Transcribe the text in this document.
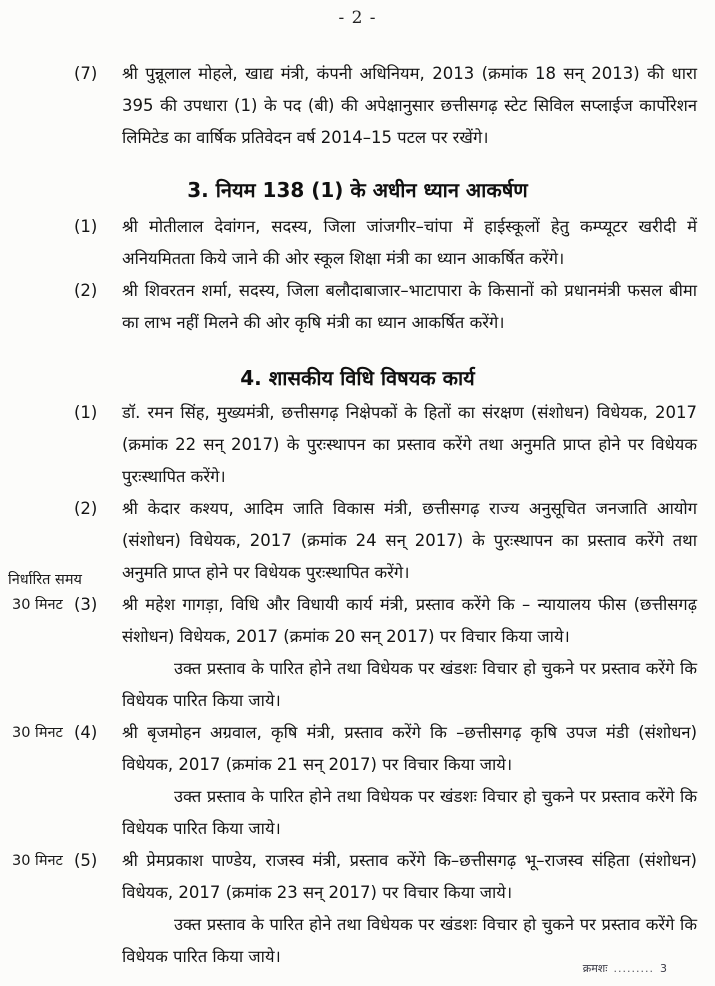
- 2 -
(7)	श्री पुन्नूलाल मोहले, खाद्य मंत्री, कंपनी अधिनियम, 2013 (क्रमांक 18 सन् 2013) की धारा 395 की उपधारा (1) के पद (बी) की अपेक्षानुसार छत्तीसगढ़ स्टेट सिविल सप्लाईज कार्पोरेशन लिमिटेड का वार्षिक प्रतिवेदन वर्ष 2014–15 पटल पर रखेंगे।

3. नियम 138 (1) के अधीन ध्यान आकर्षण
(1)	श्री मोतीलाल देवांगन, सदस्य, जिला जांजगीर–चांपा में हाईस्कूलों हेतु कम्प्यूटर खरीदी में अनियमितता किये जाने की ओर स्कूल शिक्षा मंत्री का ध्यान आकर्षित करेंगे।

(2)	श्री शिवरतन शर्मा, सदस्य, जिला बलौदाबाजार–भाटापारा के किसानों को प्रधानमंत्री फसल बीमा का लाभ नहीं मिलने की ओर कृषि मंत्री का ध्यान आकर्षित करेंगे।

4. शासकीय विधि विषयक कार्य
(1)	डॉ. रमन सिंह, मुख्यमंत्री, छत्तीसगढ़ निक्षेपकों के हितों का संरक्षण (संशोधन) विधेयक, 2017 (क्रमांक 22 सन् 2017) के पुरःस्थापन का प्रस्ताव करेंगे तथा अनुमति प्राप्त होने पर विधेयक पुरःस्थापित करेंगे।

(2)	श्री केदार कश्यप, आदिम जाति विकास मंत्री, छत्तीसगढ़ राज्य अनुसूचित जनजाति आयोग (संशोधन) विधेयक, 2017 (क्रमांक 24 सन् 2017) के पुरःस्थापन का प्रस्ताव करेंगे तथा अनुमति प्राप्त होने पर विधेयक पुरःस्थापित करेंगे।

निर्धारित समय
30 मिनट (3)	श्री महेश गागड़ा, विधि और विधायी कार्य मंत्री, प्रस्ताव करेंगे कि – न्यायालय फीस (छत्तीसगढ़ संशोधन) विधेयक, 2017 (क्रमांक 20 सन् 2017) पर विचार किया जाये।

उक्त प्रस्ताव के पारित होने तथा विधेयक पर खंडशः विचार हो चुकने पर प्रस्ताव करेंगे कि विधेयक पारित किया जाये।

30 मिनट (4)	श्री बृजमोहन अग्रवाल, कृषि मंत्री, प्रस्ताव करेंगे कि –छत्तीसगढ़ कृषि उपज मंडी (संशोधन) विधेयक, 2017 (क्रमांक 21 सन् 2017) पर विचार किया जाये।

उक्त प्रस्ताव के पारित होने तथा विधेयक पर खंडशः विचार हो चुकने पर प्रस्ताव करेंगे कि विधेयक पारित किया जाये।

30 मिनट (5)	श्री प्रेमप्रकाश पाण्डेय, राजस्व मंत्री, प्रस्ताव करेंगे कि–छत्तीसगढ़ भू–राजस्व संहिता (संशोधन) विधेयक, 2017 (क्रमांक 23 सन् 2017) पर विचार किया जाये।

उक्त प्रस्ताव के पारित होने तथा विधेयक पर खंडशः विचार हो चुकने पर प्रस्ताव करेंगे कि विधेयक पारित किया जाये।

क्रमशः ......... 3
